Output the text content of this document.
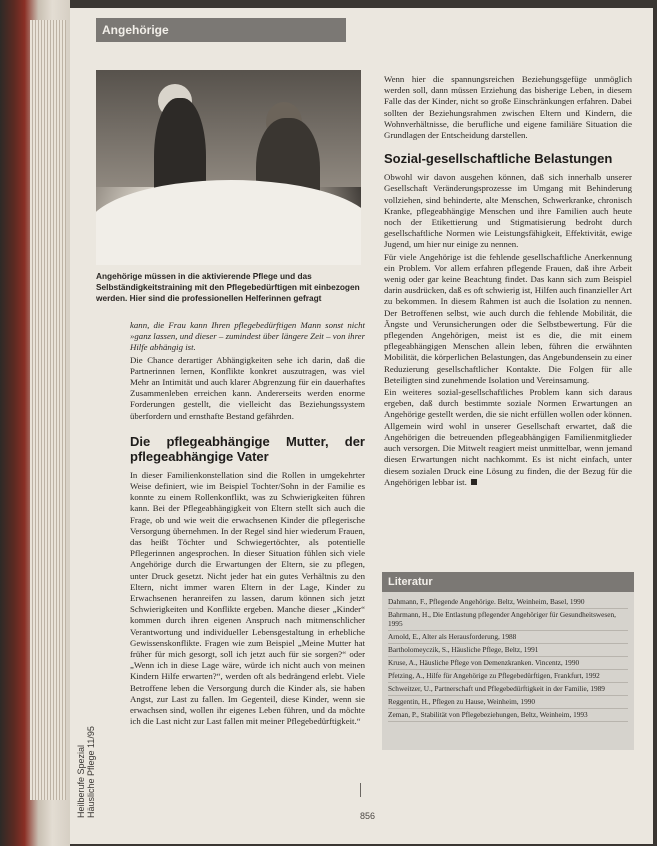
Heilberufe Spezial Häusliche Pflege 11/95
Angehörige
Angehörige müssen in die aktivierende Pflege und das Selbständigkeitstraining mit den Pflegebedürftigen mit einbezogen werden. Hier sind die professionellen Helferinnen gefragt

kann, die Frau kann Ihren pflegebedürftigen Mann sonst nicht »ganz lassen, und dieser – zumindest über längere Zeit – von ihrer Hilfe abhängig ist.

Die Chance derartiger Abhängigkeiten sehe ich darin, daß die Partnerinnen lernen, Konflikte konkret auszutragen, was viel Mehr an Intimität und auch klarer Abgrenzung für ein dauerhaftes Zusammenleben erreichen kann. Andererseits werden enorme Forderungen gestellt, die vielleicht das Beziehungssystem überfordern und ernsthafte Bestand gefährden.

Die pflegeabhängige Mutter, der pflegeabhängige Vater

In dieser Familienkonstellation sind die Rollen in umgekehrter Weise definiert, wie im Beispiel Tochter/Sohn in der Familie es konnte zu einem Rollenkonflikt, was zu Schwierigkeiten führen kann. Bei der Pflegeabhängigkeit von Eltern stellt sich auch die Frage, ob und wie weit die erwachsenen Kinder die pflegerische Versorgung übernehmen. In der Regel sind hier wiederum Frauen, das heißt Töchter und Schwiegertöchter, als potentielle Pflegerinnen angesprochen. In dieser Situation fühlen sich viele Angehörige durch die Erwartungen der Eltern, sie zu pflegen, unter Druck gesetzt. Nicht jeder hat ein gutes Verhältnis zu den Eltern, nicht immer waren Eltern in der Lage, Kinder zu Erwachsenen heranreifen zu lassen, darum können sich jetzt Schwierigkeiten und Konflikte ergeben. Manche dieser „Kinder“ kommen durch ihren eigenen Anspruch nach mitmenschlicher Verantwortung und individueller Lebensgestaltung in erhebliche Gewissenskonflikte. Fragen wie zum Beispiel „Meine Mutter hat früher für mich gesorgt, soll ich jetzt auch für sie sorgen?“ oder „Wenn ich in diese Lage wäre, würde ich nicht auch von meinen Kindern Hilfe erwarten?“, werden oft als bedrängend erlebt. Viele Betroffene leben die Versorgung durch die Kinder als, sie haben Angst, zur Last zu fallen. Im Gegenteil, diese Kinder, wenn sie erwachsen sind, wollen ihr eigenes Leben führen, und da möchte ich die Last nicht zur Last fallen mit meiner Pflegebedürftigkeit.“

Wenn hier die spannungsreichen Beziehungsgefüge unmöglich werden soll, dann müssen Erziehung das bisherige Leben, in diesem Falle das der Kinder, nicht so große Einschränkungen erfahren. Dabei sollten der Beziehungsrahmen zwischen Eltern und Kindern, die Wohnverhältnisse, die berufliche und eigene familiäre Situation die Grundlagen der Entscheidung darstellen.

Sozial-gesellschaftliche Belastungen

Obwohl wir davon ausgehen können, daß sich innerhalb unserer Gesellschaft Veränderungsprozesse im Umgang mit Behinderung vollziehen, sind behinderte, alte Menschen, Schwerkranke, chronisch Kranke, pflegeabhängige Menschen und ihre Familien auch heute noch der Etikettierung und Stigmatisierung bedroht durch gesellschaftliche Normen wie Leistungsfähigkeit, Effektivität, ewige Jugend, um hier nur einige zu nennen.

Für viele Angehörige ist die fehlende gesellschaftliche Anerkennung ein Problem. Vor allem erfahren pflegende Frauen, daß ihre Arbeit wenig oder gar keine Beachtung findet. Das kann sich zum Beispiel darin ausdrücken, daß es oft schwierig ist, Hilfen auch finanzieller Art zu bekommen. In diesem Rahmen ist auch die Isolation zu nennen. Der Betroffenen selbst, wie auch durch die fehlende Mobilität, die Ängste und Verunsicherungen oder die Selbstbewertung. Für die pflegenden Angehörigen, meist ist es die, die mit einem pflegeabhängigen Menschen allein leben, führen die erwähnten Mobilität, die körperlichen Belastungen, das Angebundensein zu einer Reduzierung gesellschaftlicher Kontakte. Die Folgen für alle Beteiligten sind zunehmende Isolation und Vereinsamung.

Ein weiteres sozial-gesellschaftliches Problem kann sich daraus ergeben, daß durch bestimmte soziale Normen Erwartungen an Angehörige gestellt werden, die sie nicht erfüllen wollen oder können. Allgemein wird wohl in unserer Gesellschaft erwartet, daß die Angehörigen die betreuenden pflegeabhängigen Familienmitglieder auch versorgen. Die Mitwelt reagiert meist unmittelbar, wenn jemand diesen Erwartungen nicht nachkommt. Es ist nicht einfach, unter diesem sozialen Druck eine Lösung zu finden, die der Bezug für die Angehörigen lebbar ist.

Literatur
Dahmann, F., Pflegende Angehörige. Beltz, Weinheim, Basel, 1990
Bahrmann, H., Die Entlastung pflegender Angehöriger für Gesundheitswesen, 1995
Arnold, E., Alter als Herausforderung, 1988
Bartholomeyczik, S., Häusliche Pflege, Beltz, 1991
Kruse, A., Häusliche Pflege von Demenzkranken. Vincentz, 1990
Pfetzing, A., Hilfe für Angehörige zu Pflegebedürftigen, Frankfurt, 1992
Schweitzer, U., Partnerschaft und Pflegebedürftigkeit in der Familie, 1989
Reggentin, H., Pflegen zu Hause, Weinheim, 1990
Zeman, P., Stabilität von Pflegebeziehungen, Beltz, Weinheim, 1993
856
